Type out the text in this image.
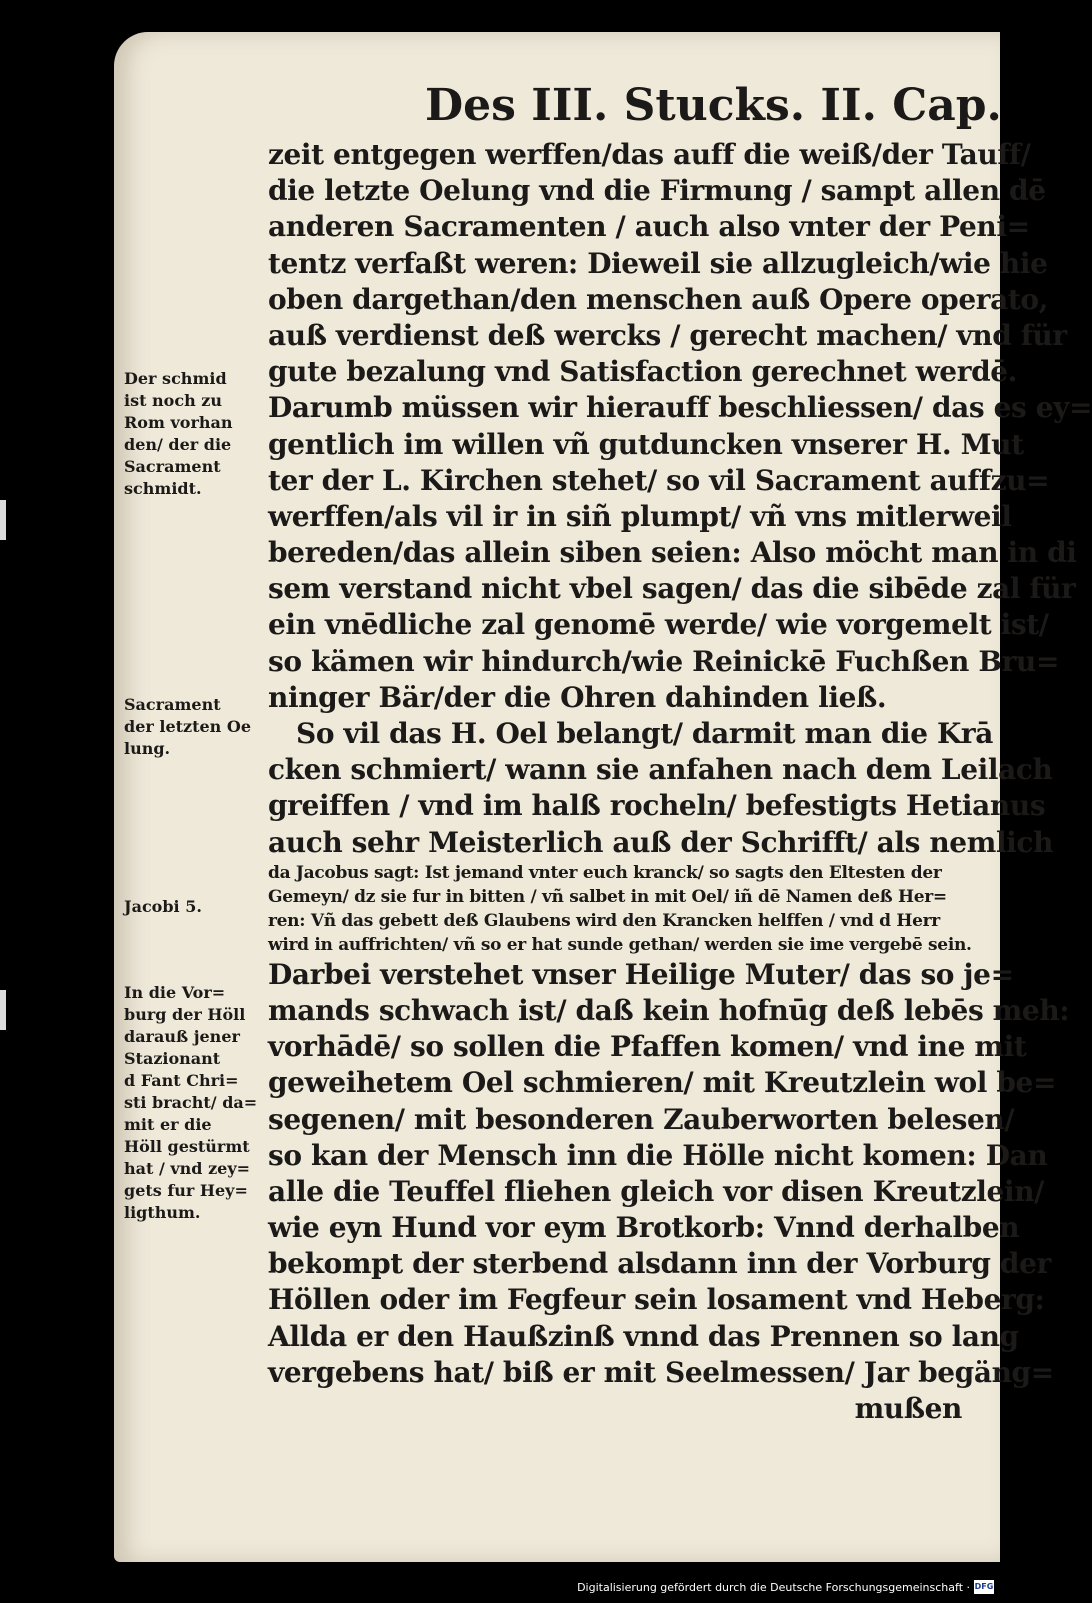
Des III. Stucks. II. Cap.
zeit entgegen werffen/das auff die weiß/der Tauff/
die letzte Oelung vnd die Firmung / sampt allen dē
anderen Sacramenten / auch also vnter der Peni=
tentz verfaßt weren: Dieweil sie allzugleich/wie hie
oben dargethan/den menschen auß Opere operato,
auß verdienst deß wercks / gerecht machen/ vnd für
gute bezalung vnd Satisfaction gerechnet werdē.
Darumb müssen wir hierauff beschliessen/ das es ey=
gentlich im willen vñ gutduncken vnserer H. Mut
ter der L. Kirchen stehet/ so vil Sacrament auffzu=
werffen/als vil ir in siñ plumpt/ vñ vns mitlerweil
bereden/das allein siben seien: Also möcht man in di
sem verstand nicht vbel sagen/ das die sibēde zal für
ein vnēdliche zal genomē werde/ wie vorgemelt ist/
so kämen wir hindurch/wie Reinickē Fuchßen Bru=
ninger Bär/der die Ohren dahinden ließ.
So vil das H. Oel belangt/ darmit man die Krā
cken schmiert/ wann sie anfahen nach dem Leilach
greiffen / vnd im halß rocheln/ befestigts Hetianus
auch sehr Meisterlich auß der Schrifft/ als nemlich
da Jacobus sagt: Ist jemand vnter euch kranck/ so sagts den Eltesten der
Gemeyn/ dz sie fur in bitten / vñ salbet in mit Oel/ iñ dē Namen deß Her=
ren: Vñ das gebett deß Glaubens wird den Krancken helffen / vnd d Herr
wird in auffrichten/ vñ so er hat sunde gethan/ werden sie ime vergebē sein.
Darbei verstehet vnser Heilige Muter/ das so je=
mands schwach ist/ daß kein hofnūg deß lebēs meh:
vorhādē/ so sollen die Pfaffen komen/ vnd ine mit
geweihetem Oel schmieren/ mit Kreutzlein wol be=
segenen/ mit besonderen Zauberworten belesen/
so kan der Mensch inn die Hölle nicht komen: Dan
alle die Teuffel fliehen gleich vor disen Kreutzlein/
wie eyn Hund vor eym Brotkorb: Vnnd derhalben
bekompt der sterbend alsdann inn der Vorburg der
Höllen oder im Fegfeur sein losament vnd Heberg:
Allda er den Haußzinß vnnd das Prennen so lang
vergebens hat/ biß er mit Seelmessen/ Jar begäng=
mußen
Der schmid
ist noch zu
Rom vorhan
den/ der die
Sacrament
schmidt.
Sacrament
der letzten Oe
lung.
Jacobi 5.
In die Vor=
burg der Höll
darauß jener
Stazionant
d Fant Chri=
sti bracht/ da=
mit er die
Höll gestürmt
hat / vnd zey=
gets fur Hey=
ligthum.
Digitalisierung gefördert durch die Deutsche Forschungsgemeinschaft · DFG
